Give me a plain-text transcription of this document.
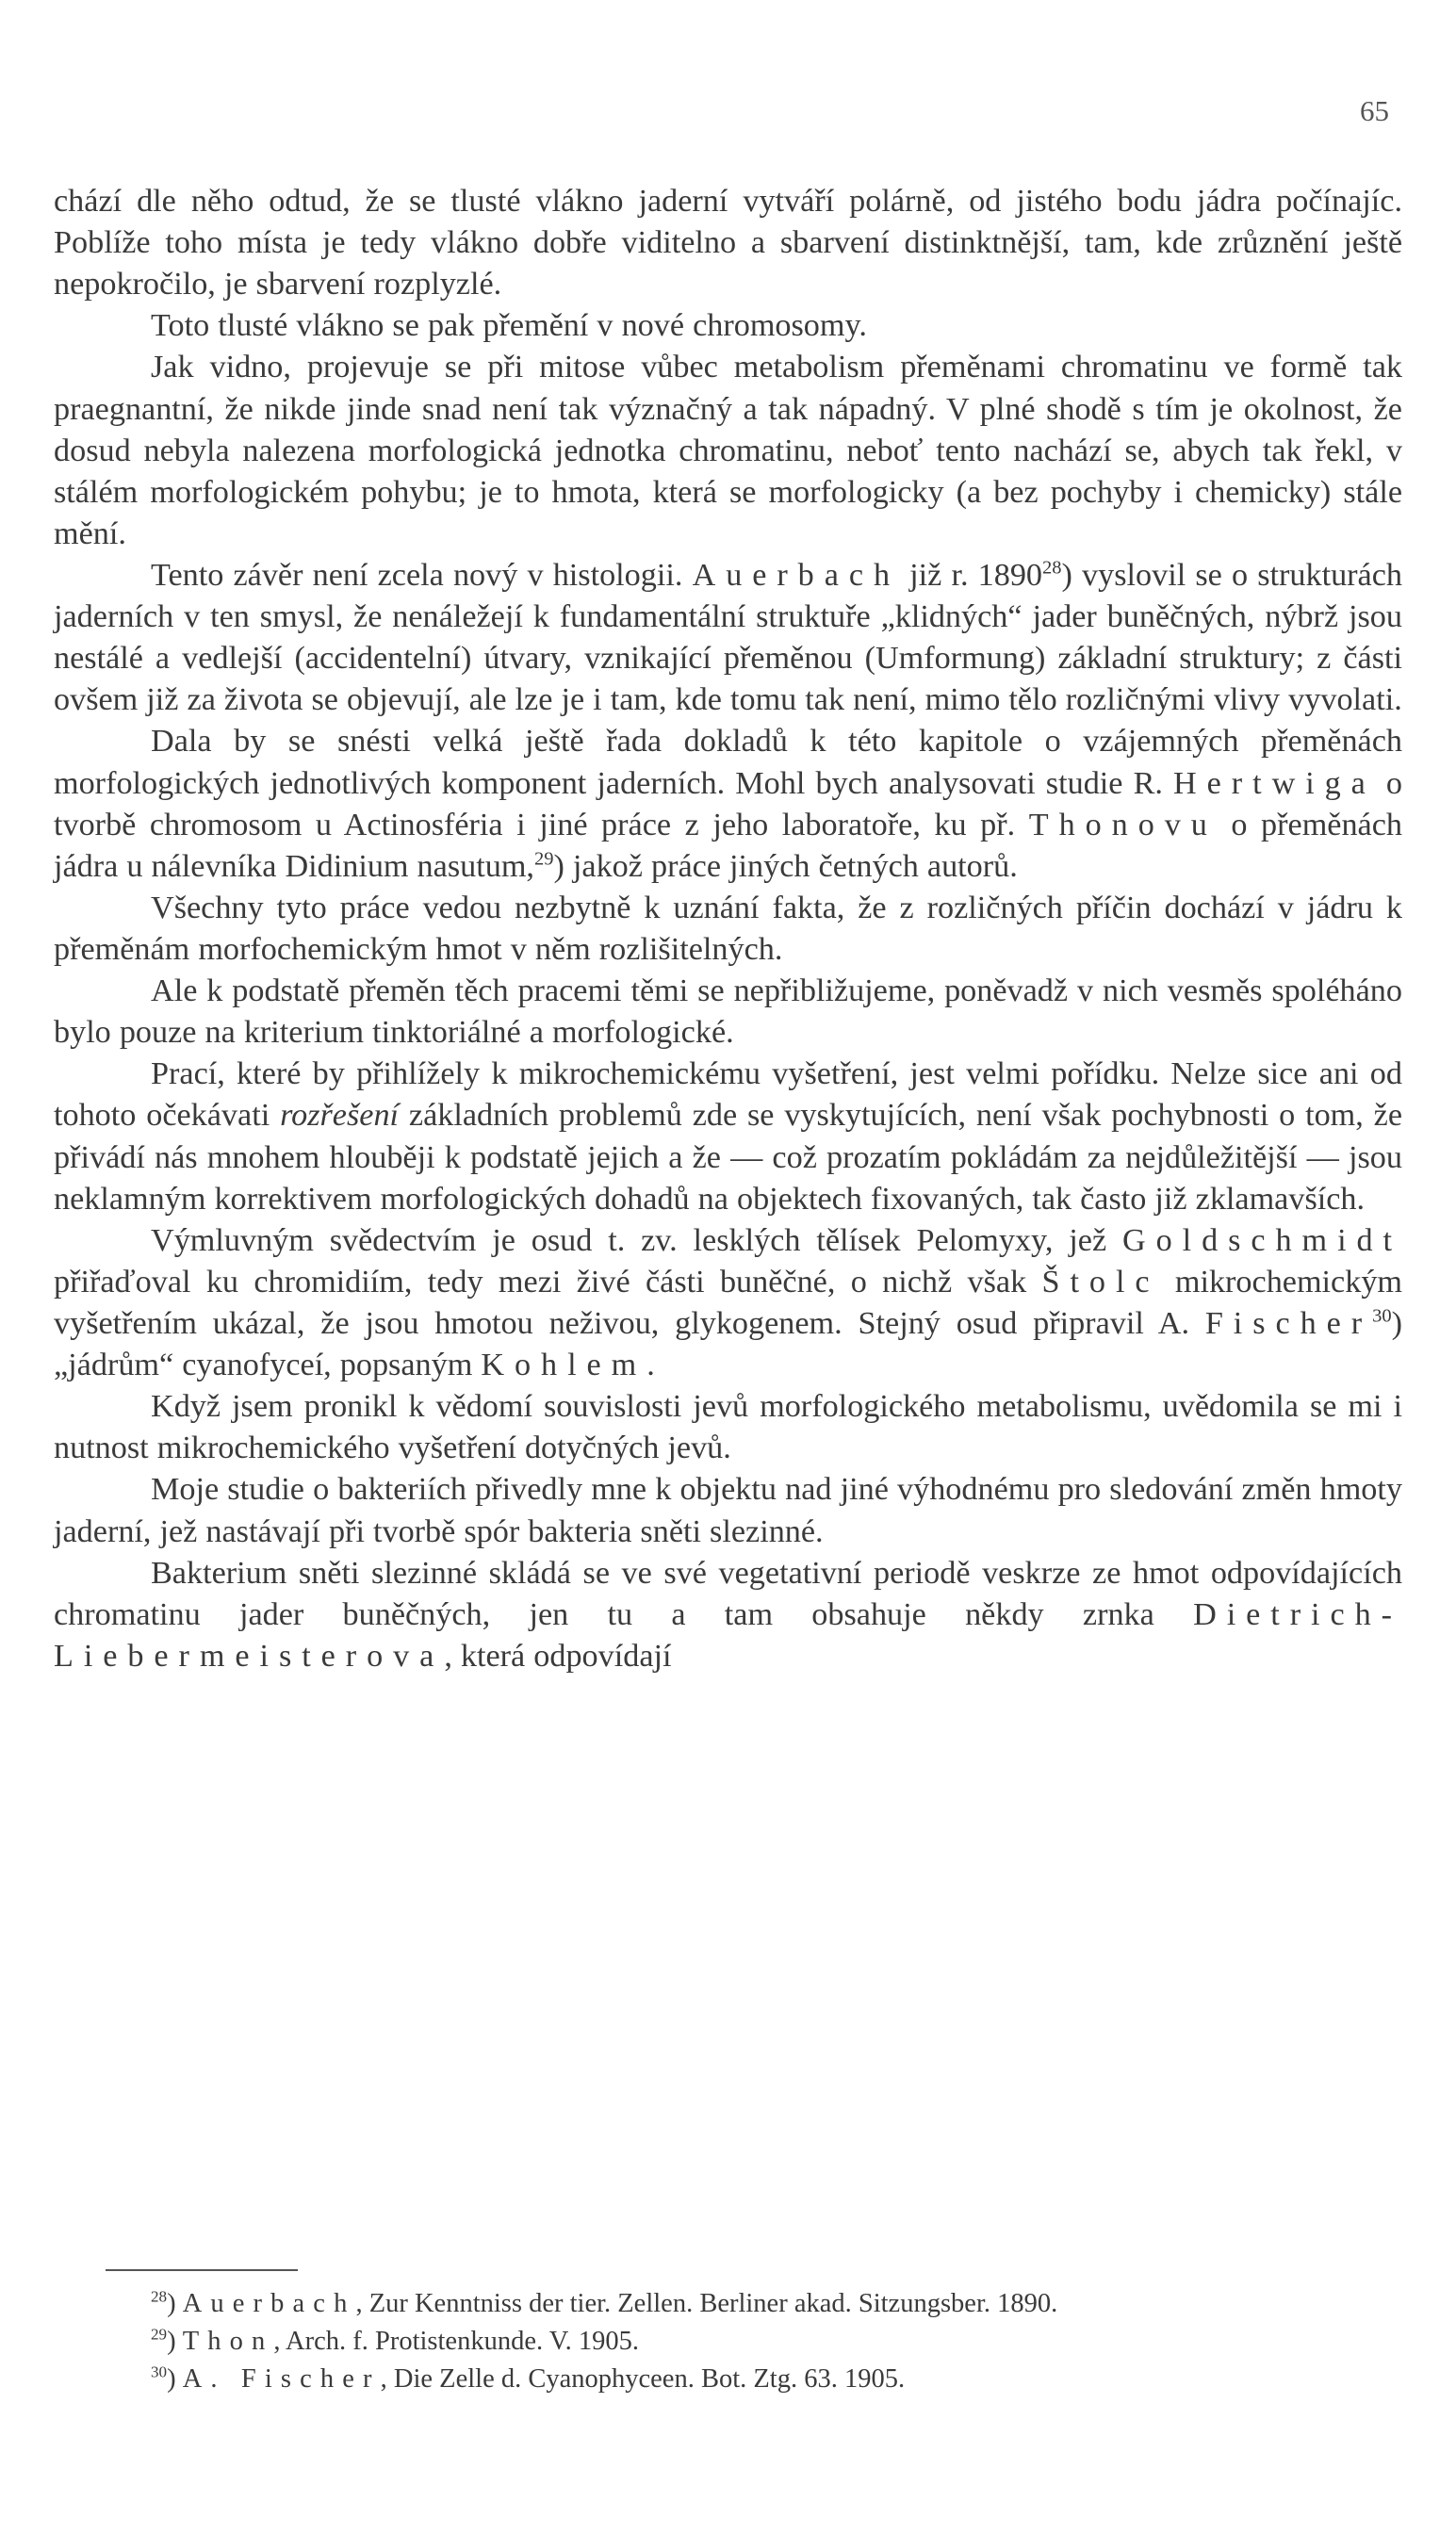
65

chází dle něho odtud, že se tlusté vlákno jaderní vytváří polárně, od jistého bodu jádra počínajíc. Poblíže toho místa je tedy vlákno dobře viditelno a sbarvení distinktnější, tam, kde zrůznění ještě nepokročilo, je sbarvení rozplyzlé.

Toto tlusté vlákno se pak přemění v nové chromosomy.

Jak vidno, projevuje se při mitose vůbec metabolism přeměnami chromatinu ve formě tak praegnantní, že nikde jinde snad není tak význačný a tak nápadný. V plné shodě s tím je okolnost, že dosud nebyla nalezena morfologická jednotka chromatinu, neboť tento nachází se, abych tak řekl, v stálém morfologickém pohybu; je to hmota, která se morfologicky (a bez pochyby i chemicky) stále mění.

Tento závěr není zcela nový v histologii. Auerbach již r. 1890$^{28}$) vyslovil se o strukturách jaderních v ten smysl, že nenáležejí k fundamentální struktuře „klidných“ jader buněčných, nýbrž jsou nestálé a vedlejší (accidentelní) útvary, vznikající přeměnou (Umformung) základní struktury; z části ovšem již za života se objevují, ale lze je i tam, kde tomu tak není, mimo tělo rozličnými vlivy vyvolati.

Dala by se snésti velká ještě řada dokladů k této kapitole o vzájemných přeměnách morfologických jednotlivých komponent jaderních. Mohl bych analysovati studie R. Hertwiga o tvorbě chromosom u Actinosféria i jiné práce z jeho laboratoře, ku př. Thonovu o přeměnách jádra u nálevníka Didinium nasutum,$^{29}$) jakož práce jiných četných autorů.

Všechny tyto práce vedou nezbytně k uznání fakta, že z rozličných příčin dochází v jádru k přeměnám morfochemickým hmot v něm rozlišitelných.

Ale k podstatě přeměn těch pracemi těmi se nepřibližujeme, poněvadž v nich vesměs spoléháno bylo pouze na kriterium tinktoriálné a morfologické.

Prací, které by přihlížely k mikrochemickému vyšetření, jest velmi pořídku. Nelze sice ani od tohoto očekávati rozřešení základních problemů zde se vyskytujících, není však pochybnosti o tom, že přivádí nás mnohem hlouběji k podstatě jejich a že — což prozatím pokládám za nejdůležitější — jsou neklamným korrektivem morfologických dohadů na objektech fixovaných, tak často již zklamavších.

Výmluvným svědectvím je osud t. zv. lesklých tělísek Pelomyxy, jež Goldschmidt přiřaďoval ku chromidiím, tedy mezi živé části buněčné, o nichž však Štolc mikrochemickým vyšetřením ukázal, že jsou hmotou neživou, glykogenem. Stejný osud připravil A. Fischer$^{30}$) „jádrům“ cyanofyceí, popsaným Kohlem.

Když jsem pronikl k vědomí souvislosti jevů morfologického metabolismu, uvědomila se mi i nutnost mikrochemického vyšetření dotyčných jevů.

Moje studie o bakteriích přivedly mne k objektu nad jiné výhodnému pro sledování změn hmoty jaderní, jež nastávají při tvorbě spór bakteria sněti slezinné.

Bakterium sněti slezinné skládá se ve své vegetativní periodě veskrze ze hmot odpovídajících chromatinu jader buněčných, jen tu a tam obsahuje někdy zrnka Dietrich-Liebermeisterova, která odpovídají

$^{28}$) Auerbach, Zur Kenntniss der tier. Zellen. Berliner akad. Sitzungsber. 1890.

$^{29}$) Thon, Arch. f. Protistenkunde. V. 1905.

$^{30}$) A. Fischer, Die Zelle d. Cyanophyceen. Bot. Ztg. 63. 1905.
